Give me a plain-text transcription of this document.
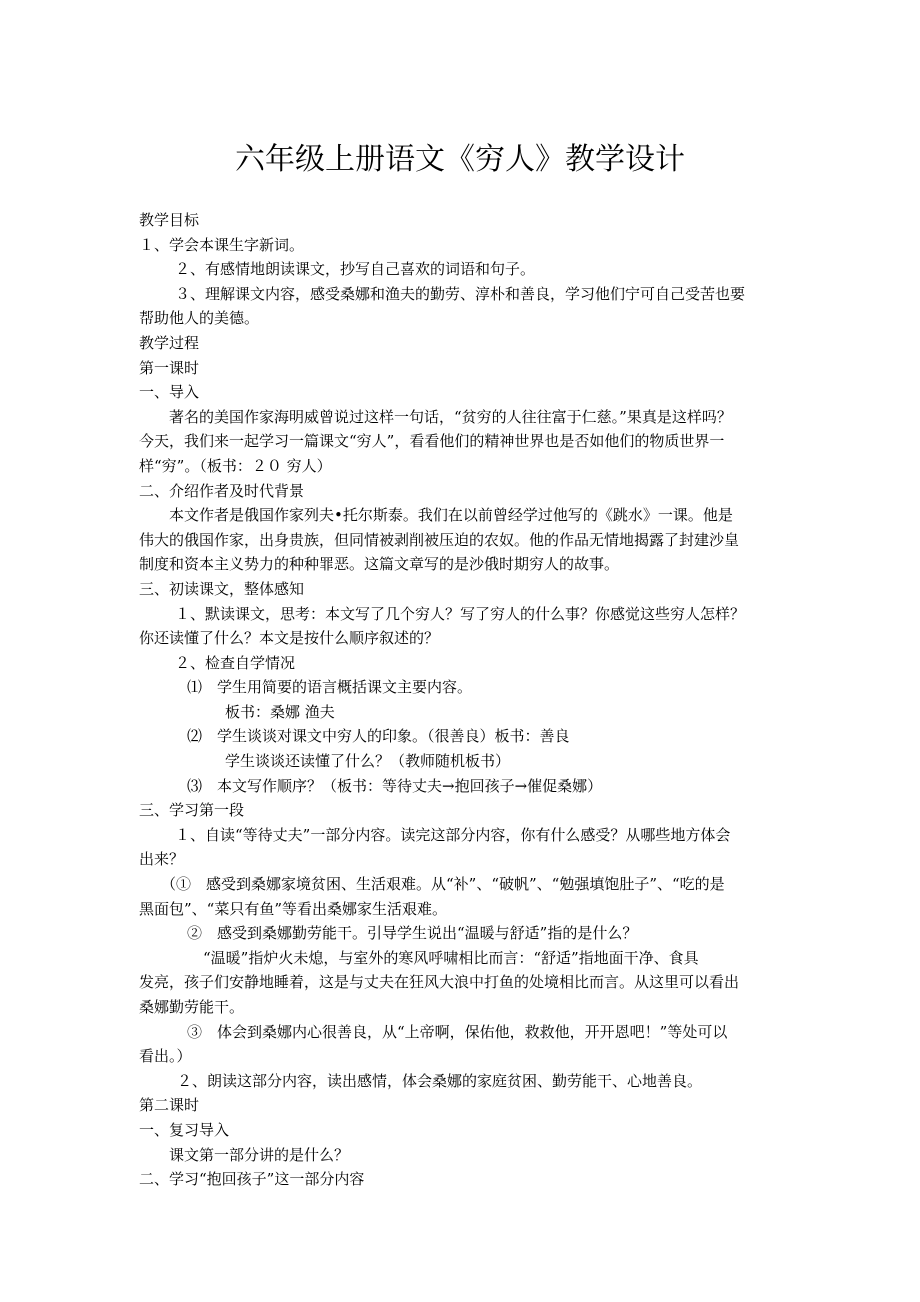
六年级上册语文《穷人》教学设计
教学目标
１、学会本课生字新词。
２、有感情地朗读课文，抄写自己喜欢的词语和句子。
３、理解课文内容，感受桑娜和渔夫的勤劳、淳朴和善良，学习他们宁可自己受苦也要
帮助他人的美德。
教学过程
第一课时
一、导入
著名的美国作家海明威曾说过这样一句话，“贫穷的人往往富于仁慈。”果真是这样吗？
今天，我们来一起学习一篇课文“穷人”，看看他们的精神世界也是否如他们的物质世界一
样“穷”。（板书：２０ 穷人）
二、介绍作者及时代背景
本文作者是俄国作家列夫•托尔斯泰。我们在以前曾经学过他写的《跳水》一课。他是
伟大的俄国作家，出身贵族，但同情被剥削被压迫的农奴。他的作品无情地揭露了封建沙皇
制度和资本主义势力的种种罪恶。这篇文章写的是沙俄时期穷人的故事。
三、初读课文，整体感知
１、默读课文，思考：本文写了几个穷人？写了穷人的什么事？你感觉这些穷人怎样？
你还读懂了什么？本文是按什么顺序叙述的？
２、检查自学情况
⑴　学生用简要的语言概括课文主要内容。
板书：桑娜 渔夫
⑵　学生谈谈对课文中穷人的印象。（很善良）板书：善良
学生谈谈还读懂了什么？（教师随机板书）
⑶　本文写作顺序？（板书：等待丈夫→抱回孩子→催促桑娜）
三、学习第一段
１、自读“等待丈夫”一部分内容。读完这部分内容，你有什么感受？从哪些地方体会
出来？
（①　感受到桑娜家境贫困、生活艰难。从“补”、“破帆”、“勉强填饱肚子”、“吃的是
黑面包”、“菜只有鱼”等看出桑娜家生活艰难。
②　感受到桑娜勤劳能干。引导学生说出“温暖与舒适”指的是什么？
“温暖”指炉火未熄，与室外的寒风呼啸相比而言：“舒适”指地面干净、食具
发亮，孩子们安静地睡着，这是与丈夫在狂风大浪中打鱼的处境相比而言。从这里可以看出
桑娜勤劳能干。
③　体会到桑娜内心很善良，从“上帝啊，保佑他，救救他，开开恩吧！”等处可以
看出。）
２、朗读这部分内容，读出感情，体会桑娜的家庭贫困、勤劳能干、心地善良。
第二课时
一、复习导入
课文第一部分讲的是什么？
二、学习“抱回孩子”这一部分内容
